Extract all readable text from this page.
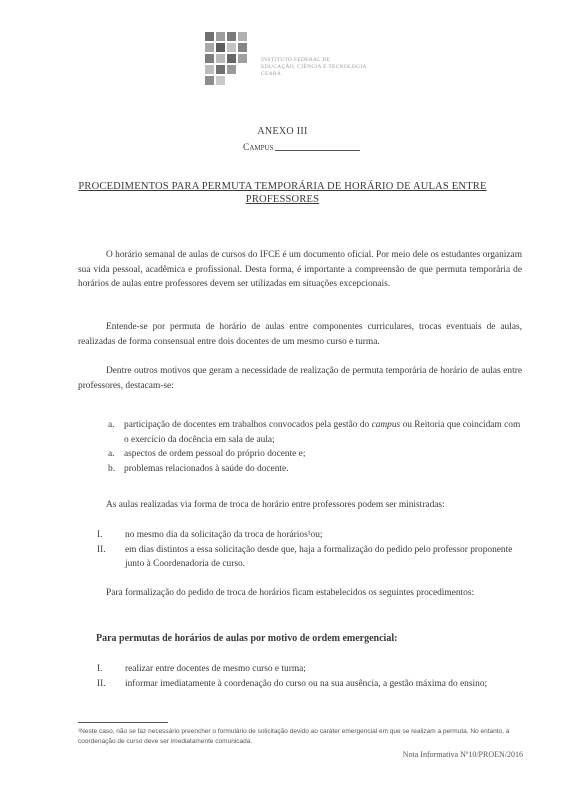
INSTITUTO FEDERAL DE
EDUCAÇÃO, CIÊNCIA E TECNOLOGIA
CEARÁ
ANEXO III
Campus
PROCEDIMENTOS PARA PERMUTA TEMPORÁRIA DE HORÁRIO DE AULAS ENTRE PROFESSORES
O horário semanal de aulas de cursos do IFCE é um documento oficial. Por meio dele os estudantes organizam sua vida pessoal, acadêmica e profissional. Desta forma, é importante a compreensão de que permuta temporária de horários de aulas entre professores devem ser utilizadas em situações excepcionais.
Entende-se por permuta de horário de aulas entre componentes curriculares, trocas eventuais de aulas, realizadas de forma consensual entre dois docentes de um mesmo curso e turma.
Dentre outros motivos que geram a necessidade de realização de permuta temporária de horário de aulas entre professores, destacam-se:
a. participação de docentes em trabalhos convocados pela gestão do campus ou Reitoria que coincidam com o exercício da docência em sala de aula;
a. aspectos de ordem pessoal do próprio docente e;
b. problemas relacionados à saúde do docente.
As aulas realizadas via forma de troca de horário entre professores podem ser ministradas:
I. no mesmo dia da solicitação da troca de horários¹ou;
II. em dias distintos a essa solicitação desde que, haja a formalização do pedido pelo professor proponente junto à Coordenadoria de curso.
Para formalização do pedido de troca de horários ficam estabelecidos os seguintes procedimentos:
Para permutas de horários de aulas por motivo de ordem emergencial:
I. realizar entre docentes de mesmo curso e turma;
II. informar imediatamente à coordenação do curso ou na sua ausência, a gestão máxima do ensino;
¹Neste caso, não se faz necessário preencher o formulário de solicitação devido ao caráter emergencial em que se realizam a permuta. No entanto, a coordenação de curso deve ser imediatamente comunicada.
Nota Informativa Nº10/PROEN/2016
